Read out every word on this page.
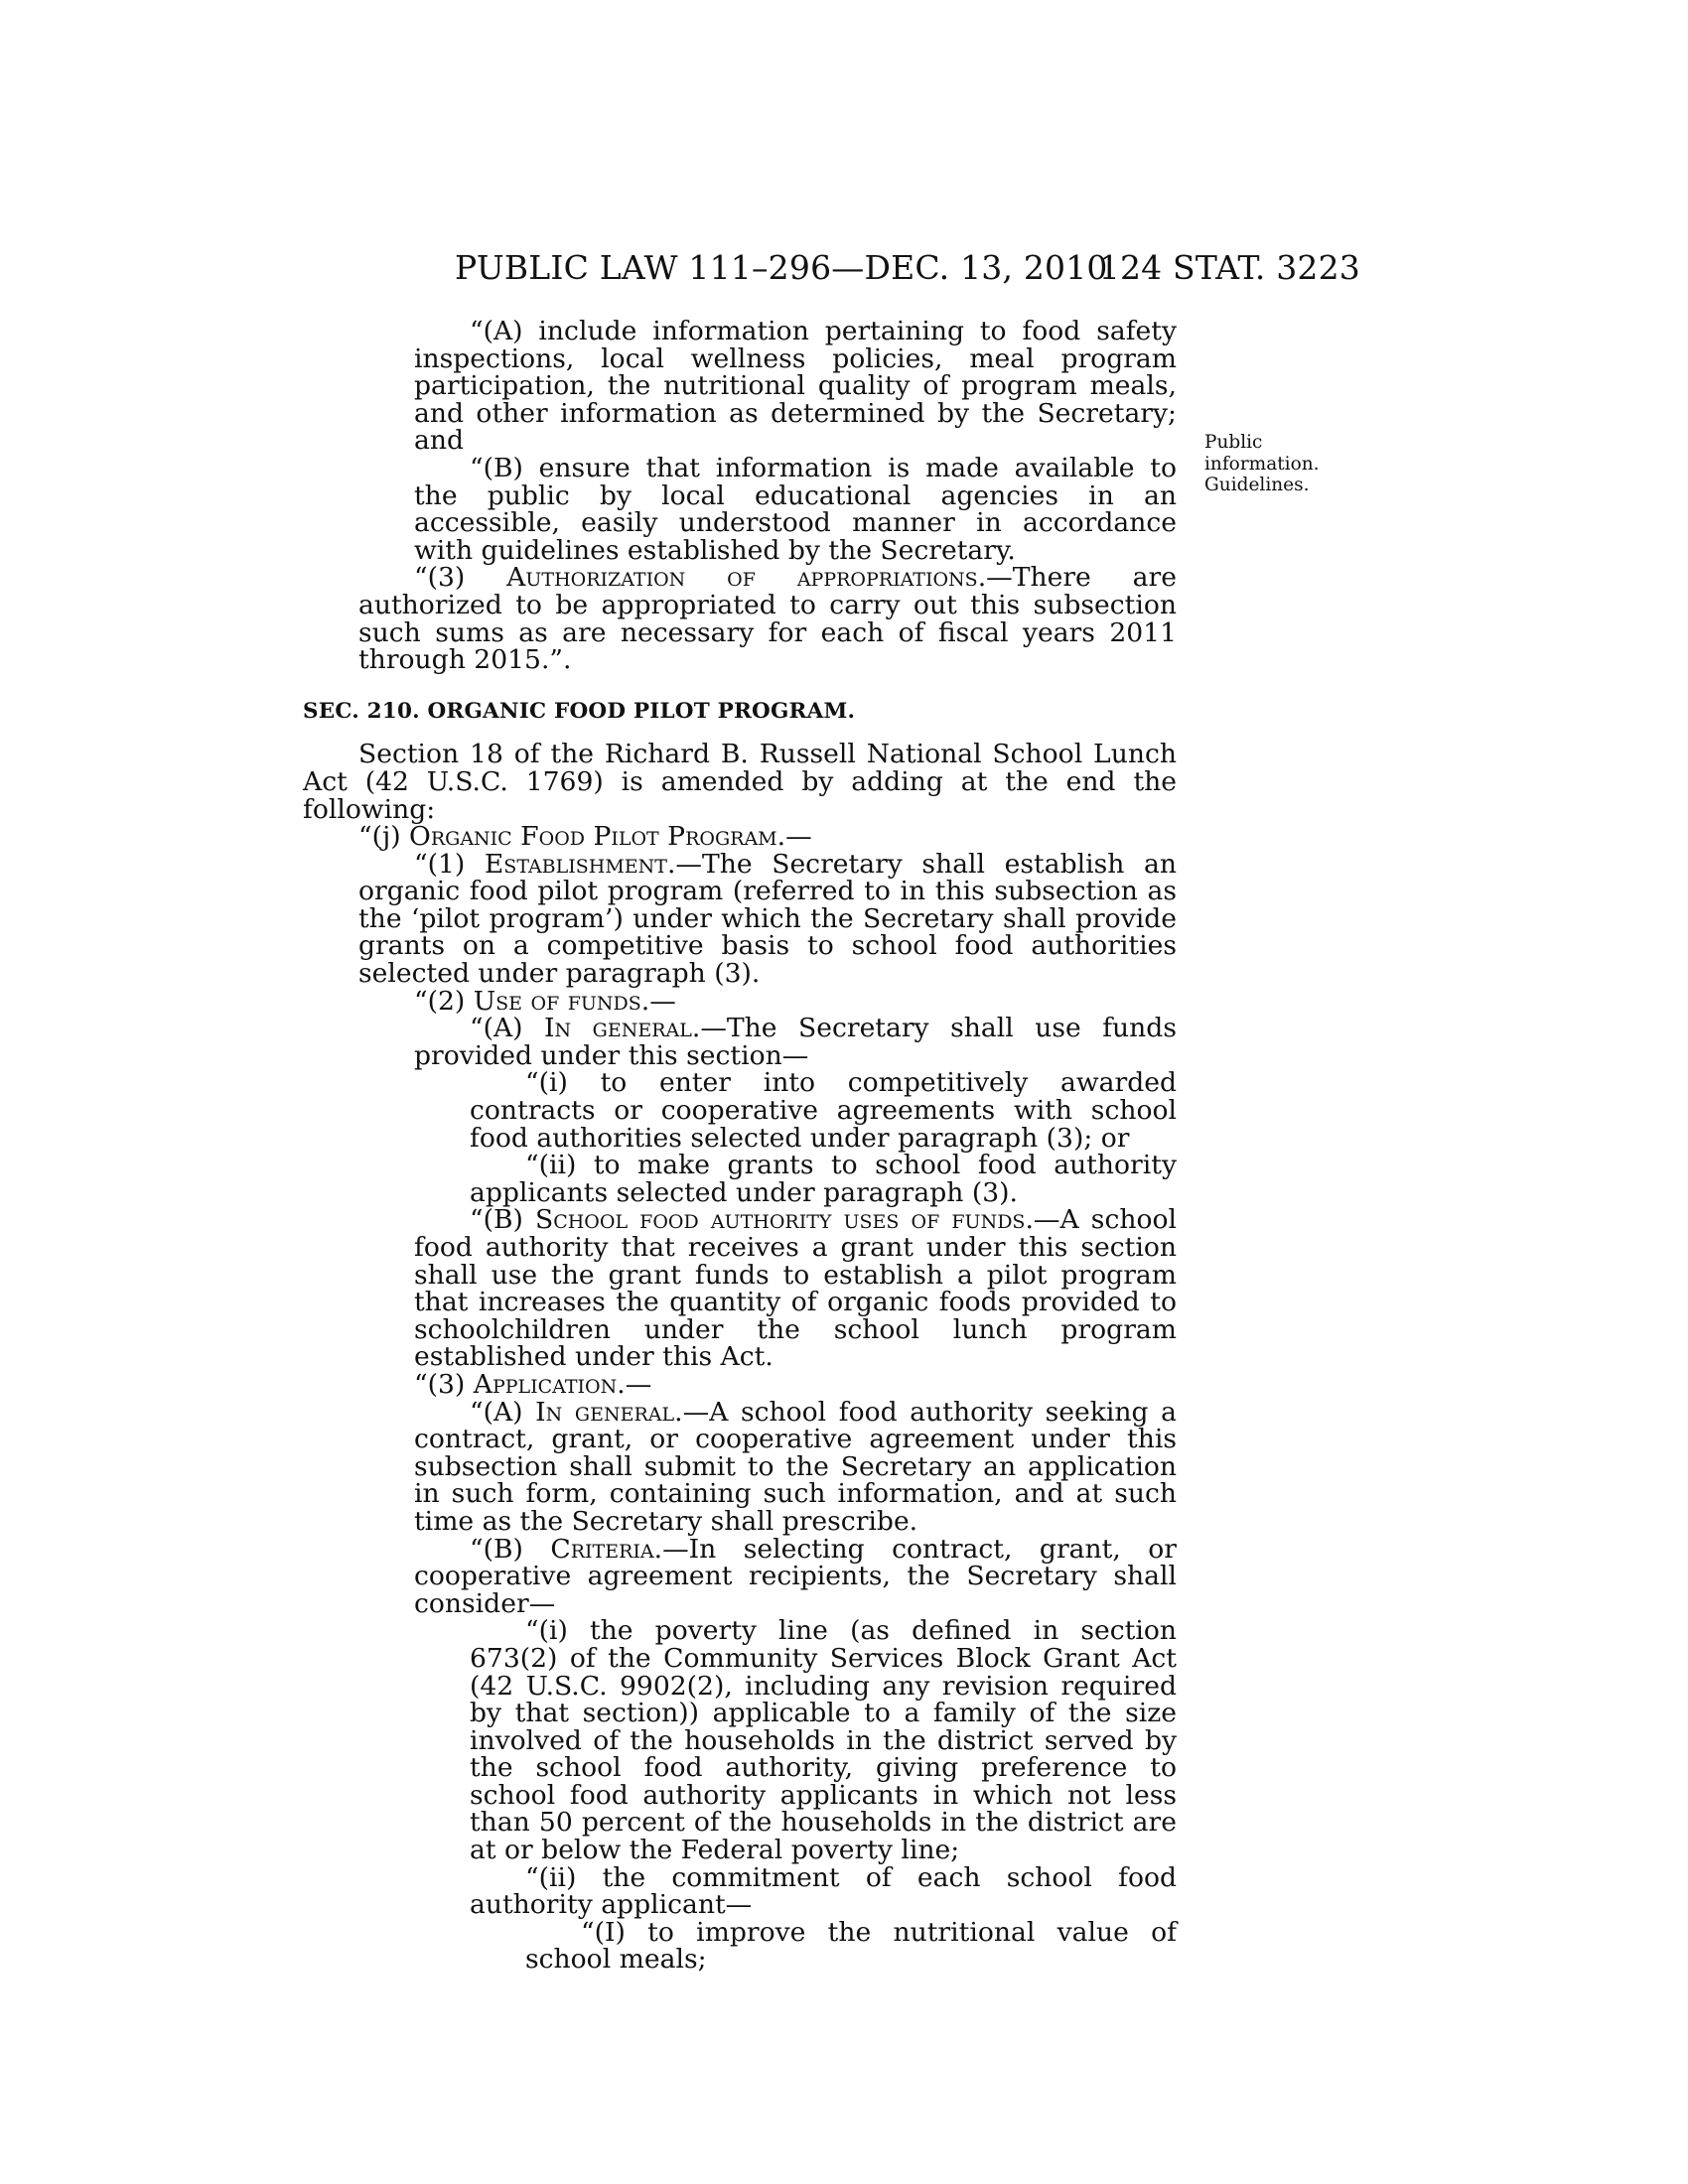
PUBLIC LAW 111–296—DEC. 13, 2010
124 STAT. 3223
Public
information.
Guidelines.

“(A) include information pertaining to food safety inspections, local wellness policies, meal program participation, the nutritional quality of program meals, and other information as determined by the Secretary; and

“(B) ensure that information is made available to the public by local educational agencies in an accessible, easily understood manner in accordance with guidelines established by the Secretary.

“(3) Authorization of appropriations.—There are authorized to be appropriated to carry out this subsection such sums as are necessary for each of fiscal years 2011 through 2015.”.

SEC. 210. ORGANIC FOOD PILOT PROGRAM.

Section 18 of the Richard B. Russell National School Lunch Act (42 U.S.C. 1769) is amended by adding at the end the following:

“(j) Organic Food Pilot Program.—

“(1) Establishment.—The Secretary shall establish an organic food pilot program (referred to in this subsection as the ‘pilot program’) under which the Secretary shall provide grants on a competitive basis to school food authorities selected under paragraph (3).

“(2) Use of funds.—

“(A) In general.—The Secretary shall use funds provided under this section—

“(i) to enter into competitively awarded contracts or cooperative agreements with school food authorities selected under paragraph (3); or

“(ii) to make grants to school food authority applicants selected under paragraph (3).

“(B) School food authority uses of funds.—A school food authority that receives a grant under this section shall use the grant funds to establish a pilot program that increases the quantity of organic foods provided to schoolchildren under the school lunch program established under this Act.

“(3) Application.—

“(A) In general.—A school food authority seeking a contract, grant, or cooperative agreement under this subsection shall submit to the Secretary an application in such form, containing such information, and at such time as the Secretary shall prescribe.

“(B) Criteria.—In selecting contract, grant, or cooperative agreement recipients, the Secretary shall consider—

“(i) the poverty line (as defined in section 673(2) of the Community Services Block Grant Act (42 U.S.C. 9902(2), including any revision required by that section)) applicable to a family of the size involved of the households in the district served by the school food authority, giving preference to school food authority applicants in which not less than 50 percent of the households in the district are at or below the Federal poverty line;

“(ii) the commitment of each school food authority applicant—

“(I) to improve the nutritional value of school meals;
